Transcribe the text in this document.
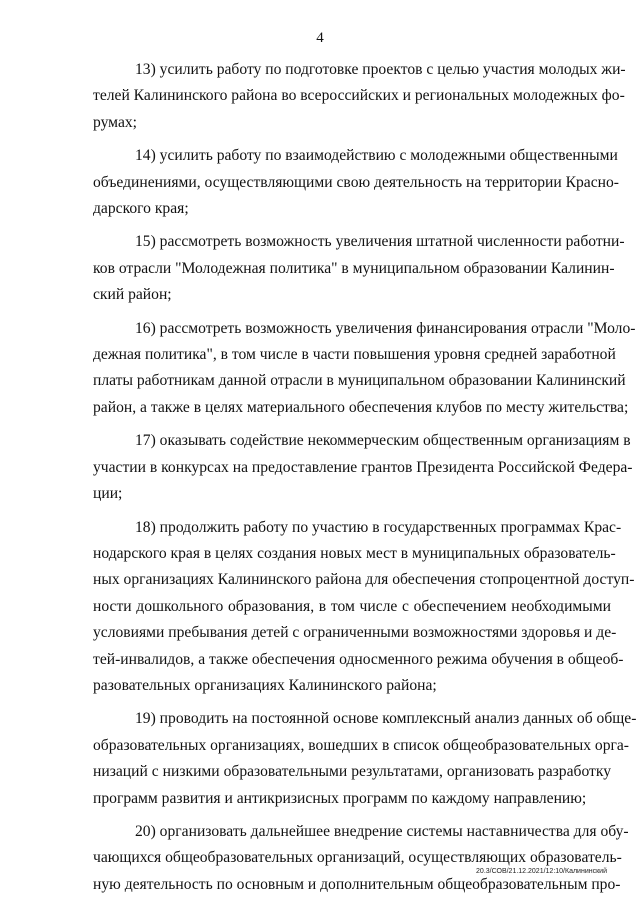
4

13) усилить работу по подготовке проектов с целью участия молодых жи-
телей Калининского района во всероссийских и региональных молодежных фо-
румах;

14) усилить работу по взаимодействию с молодежными общественными
объединениями, осуществляющими свою деятельность на территории Красно-
дарского края;

15) рассмотреть возможность увеличения штатной численности работни-
ков отрасли "Молодежная политика" в муниципальном образовании Калинин-
ский район;

16) рассмотреть возможность увеличения финансирования отрасли "Моло-
дежная политика", в том числе в части повышения уровня средней заработной
платы работникам данной отрасли в муниципальном образовании Калининский
район, а также в целях материального обеспечения клубов по месту жительства;

17) оказывать содействие некоммерческим общественным организациям в
участии в конкурсах на предоставление грантов Президента Российской Федера-
ции;

18) продолжить работу по участию в государственных программах Крас-
нодарского края в целях создания новых мест в муниципальных образователь-
ных организациях Калининского района для обеспечения стопроцентной доступ-
ности дошкольного образования, в том числе с обеспечением необходимыми
условиями пребывания детей с ограниченными возможностями здоровья и де-
тей-инвалидов, а также обеспечения односменного режима обучения в общеоб-
разовательных организациях Калининского района;

19) проводить на постоянной основе комплексный анализ данных об обще-
образовательных организациях, вошедших в список общеобразовательных орга-
низаций с низкими образовательными результатами, организовать разработку
программ развития и антикризисных программ по каждому направлению;

20) организовать дальнейшее внедрение системы наставничества для обу-
чающихся общеобразовательных организаций, осуществляющих образователь-
ную деятельность по основным и дополнительным общеобразовательным про-

20.3/СОВ/21.12.2021/12:10/Калининский
